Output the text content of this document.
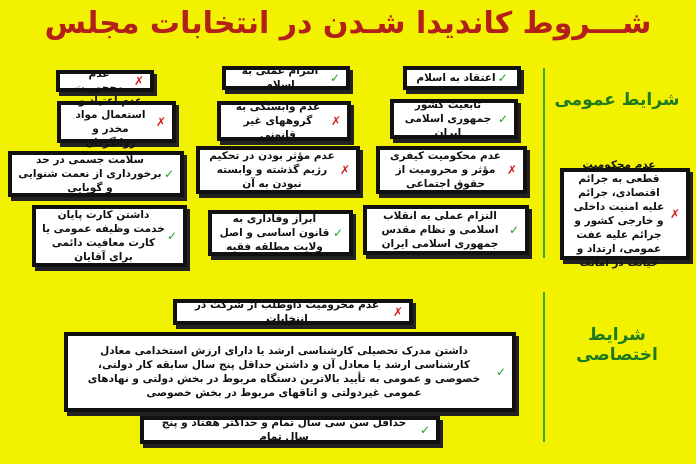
شـــروط کاندیدا شـدن در انتخابات مجلس
شرایط عمومی
شرایط اختصاصی
✓
اعتقاد به اسلام
✓
التزام عملی به اسلام
✗
عدم محجوریت
✓
تابعیت کشور جمهوری اسلامی ایران
✗
عدم وابستگی به گروههای غیر قانونی
✗
عدم اعتیاد و استعمال مواد مخدر و روانگردان
✗
عدم محکومیت کیفری مؤثر و محرومیت از حقوق اجتماعی
✗
عدم مؤثر بودن در تحکیم رژیم گذشته و وابسته نبودن به آن
✓
سلامت جسمی در حد برخورداری از نعمت شنوایی و گویایی
✗
عدم محکومیت قطعی به جرائم اقتصادی، جرائم علیه امنیت داخلی و خارجی کشور و جرائم علیه عفت عمومی، ارتداد و خیانت در امانت
✓
التزام عملی به انقلاب اسلامی و نظام مقدس جمهوری اسلامی ایران
✓
ابراز وفاداری به قانون اساسی و اصل ولایت مطلقه فقیه
✓
داشتن کارت پایان خدمت وظیفه عمومی یا کارت معافیت دائمی برای آقایان
✗
عدم محرومیت داوطلب از شرکت در انتخابات
✓
داشتن مدرک تحصیلی کارشناسی ارشد یا دارای ارزش استخدامی معادل کارشناسی ارشد یا معادل آن و داشتن حداقل پنج سال سابقه کار دولتی، خصوصی و عمومی به تأیید بالاترین دستگاه مربوط در بخش دولتی و نهادهای عمومی غیردولتی و اتاقهای مربوط در بخش خصوصی
✓
حداقل سن سی سال تمام و حداکثر هفتاد و پنج سال تمام
